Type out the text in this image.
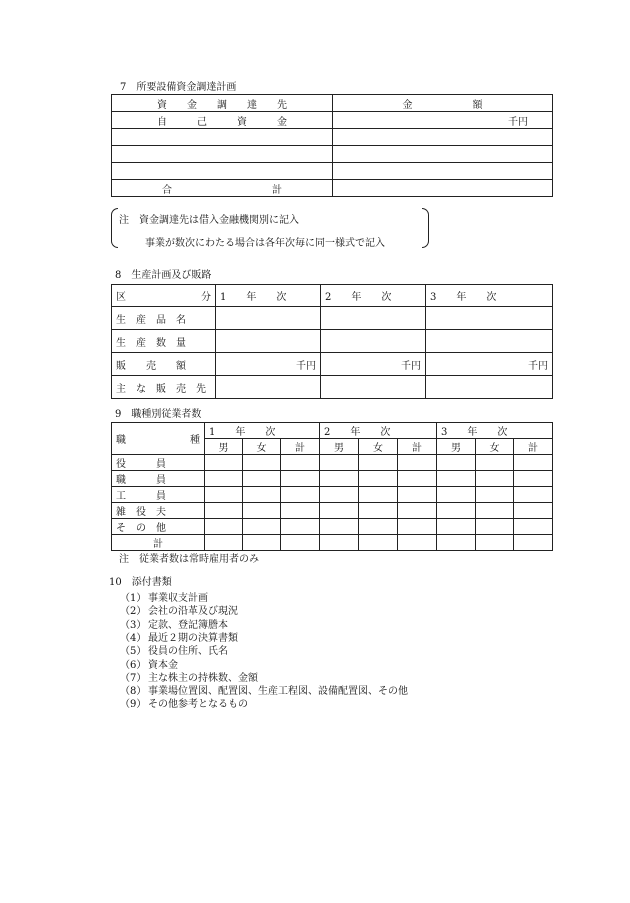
7　所要設備資金調達計画
資　　金　　調　　達　　先	金　　　　　　額
自　　　己　　　資　　　金	千円

合　　　　　　　　　　計	
注　資金調達先は借入金融機関別に記入
事業が数次にわたる場合は各年次毎に同一様式で記入
8　生産計画及び販路
区 分	1　　年　　次	2　　年　　次	3　　年　　次
生　産　品　名			
生　産　数　量			
販　　売　　額	千円	千円	千円
主　な　販　売　先			
9　職種別従業者数
職 種	1　　年　　次			2　　年　　次			3　　年　　次		
	男	女	計	男	女	計	男	女	計
役　　　員									
職　　　員									
工　　　員									
雑　役　夫									
そ　の　他									
計									
注　従業者数は常時雇用者のみ
10　添付書類
（1） 事業収支計画
（2） 会社の沿革及び現況
（3） 定款、登記簿謄本
（4） 最近２期の決算書類
（5） 役員の住所、氏名
（6） 資本金
（7） 主な株主の持株数、金額
（8） 事業場位置図、配置図、生産工程図、設備配置図、その他
（9） その他参考となるもの
